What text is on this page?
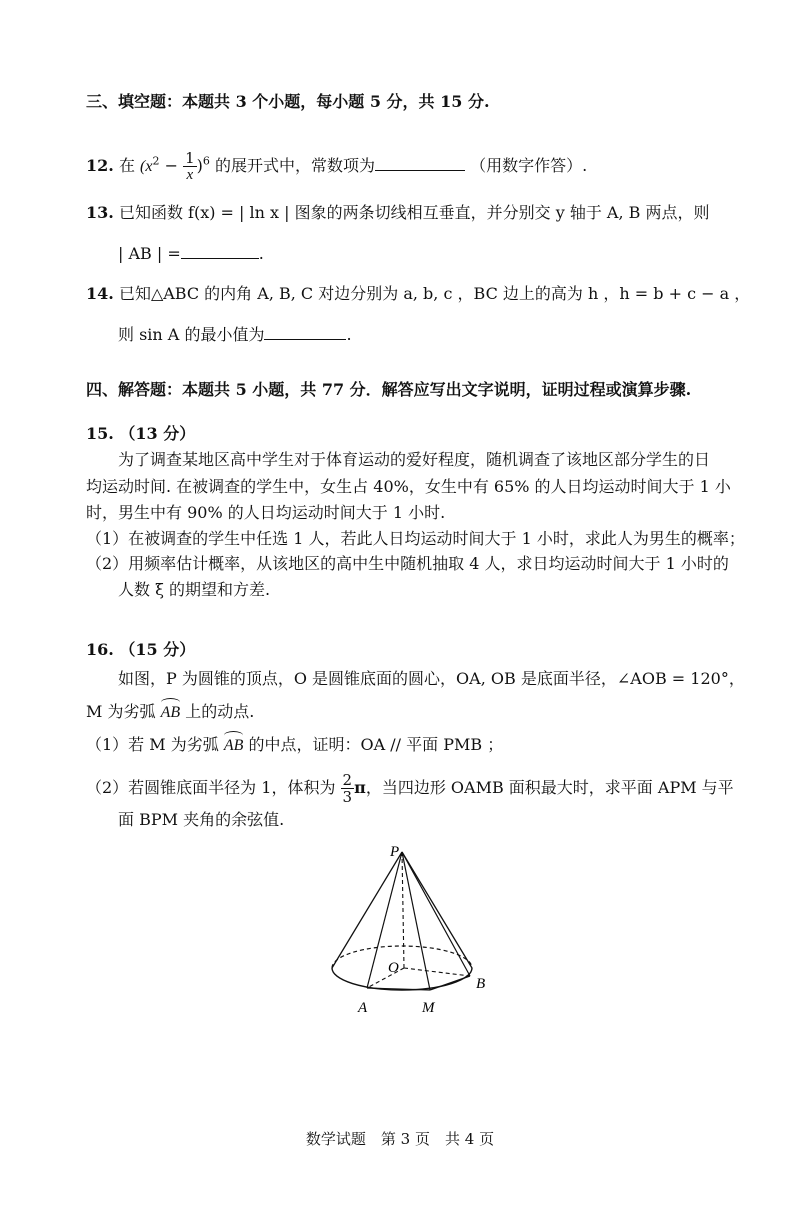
三、填空题：本题共 3 个小题，每小题 5 分，共 15 分.
12. 在 $(x^2 - \frac{1}{x} )^6$ 的展开式中，常数项为	（用数字作答）.
13. 已知函数 f(x) = | ln x | 图象的两条切线相互垂直，并分别交 y 轴于 A, B 两点，则
| AB | =	.
14. 已知△ABC 的内角 A, B, C 对边分别为 a, b, c ，BC 边上的高为 h ，h = b + c − a ，
则 sin A 的最小值为	.
四、解答题：本题共 5 小题，共 77 分．解答应写出文字说明，证明过程或演算步骤.
15. （13 分）
为了调查某地区高中学生对于体育运动的爱好程度，随机调查了该地区部分学生的日
均运动时间. 在被调查的学生中，女生占 40%，女生中有 65% 的人日均运动时间大于 1 小
时，男生中有 90% 的人日均运动时间大于 1 小时.
（1）在被调查的学生中任选 1 人，若此人日均运动时间大于 1 小时，求此人为男生的概率；
（2）用频率估计概率，从该地区的高中生中随机抽取 4 人，求日均运动时间大于 1 小时的
人数 ξ 的期望和方差.
16. （15 分）
如图，P 为圆锥的顶点，O 是圆锥底面的圆心，OA, OB 是底面半径，∠AOB = 120°，
M 为劣弧 AB 上的动点.
（1）若 M 为劣弧 AB 的中点，证明：OA // 平面 PMB ；
（2）若圆锥底面半径为 1，体积为 $\frac{2}{3}$ π，当四边形 OAMB 面积最大时，求平面 APM 与平
面 BPM 夹角的余弦值.
P
O
A
B
M
数学试题　第 3 页　共 4 页
